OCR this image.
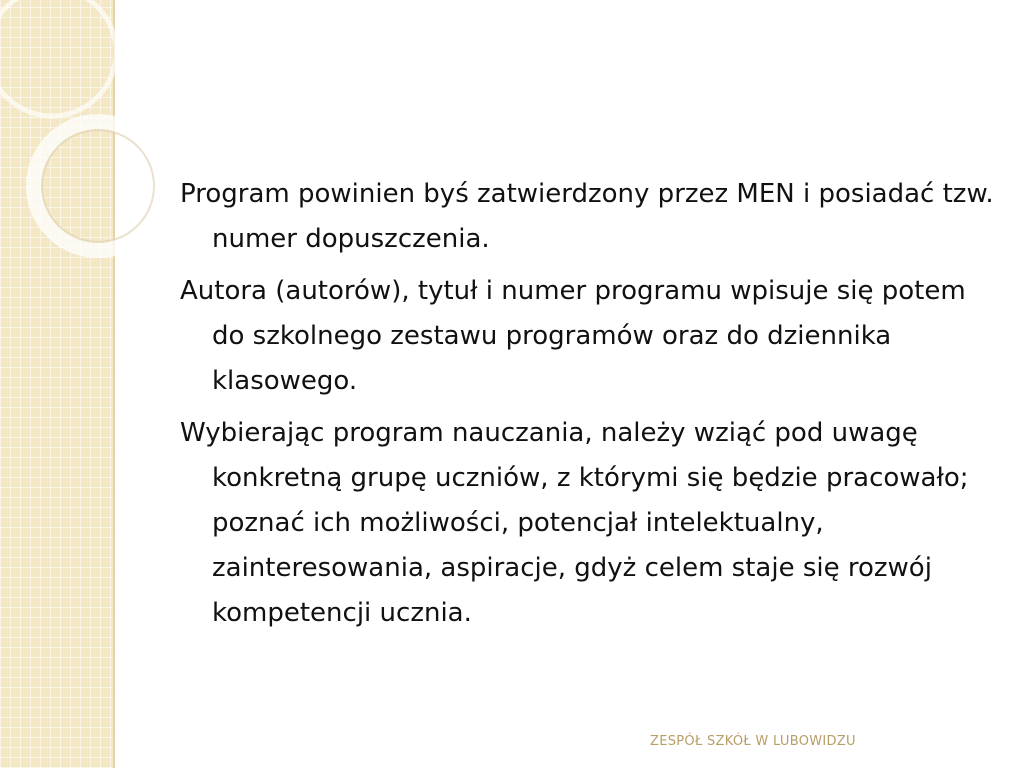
Program powinien byś zatwierdzony przez MEN i posiadać tzw. numer dopuszczenia.

Autora (autorów), tytuł i numer programu wpisuje się potem do szkolnego zestawu programów oraz do dziennika klasowego.

Wybierając program nauczania, należy wziąć pod uwagę konkretną grupę uczniów, z którymi się będzie pracowało; poznać ich możliwości, potencjał intelektualny, zainteresowania, aspiracje, gdyż celem staje się rozwój kompetencji ucznia.

ZESPÓŁ SZKÓŁ W LUBOWIDZU
